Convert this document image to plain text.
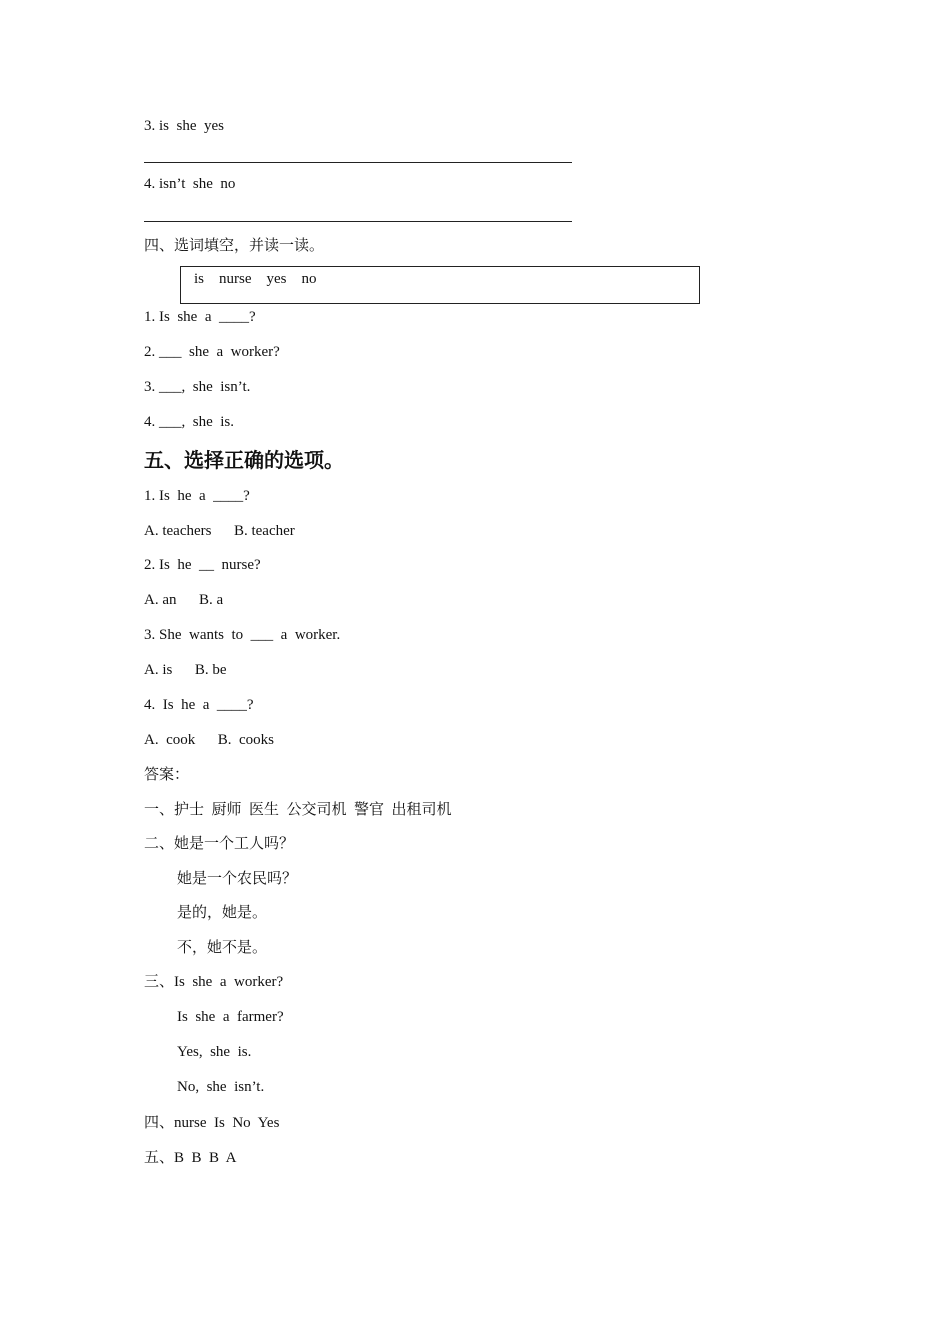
3. is  she  yes
4. isn’t  she  no
四、选词填空，并读一读。
is    nurse    yes    no
1. Is  she  a  ____?
2. ___  she  a  worker?
3. ___,  she  isn’t.
4. ___,  she  is.
五、选择正确的选项。
1. Is  he  a  ____?
A. teachers      B. teacher
2. Is  he  __  nurse?
A. an      B. a
3. She  wants  to  ___  a  worker.
A. is      B. be
4.  Is  he  a  ____?
A.  cook      B.  cooks
答案：
一、护士  厨师  医生  公交司机  警官  出租司机
二、她是一个工人吗？
她是一个农民吗？
是的，她是。
不，她不是。
三、Is  she  a  worker?
Is  she  a  farmer?
Yes,  she  is.
No,  she  isn’t.
四、nurse  Is  No  Yes
五、B  B  B  A
